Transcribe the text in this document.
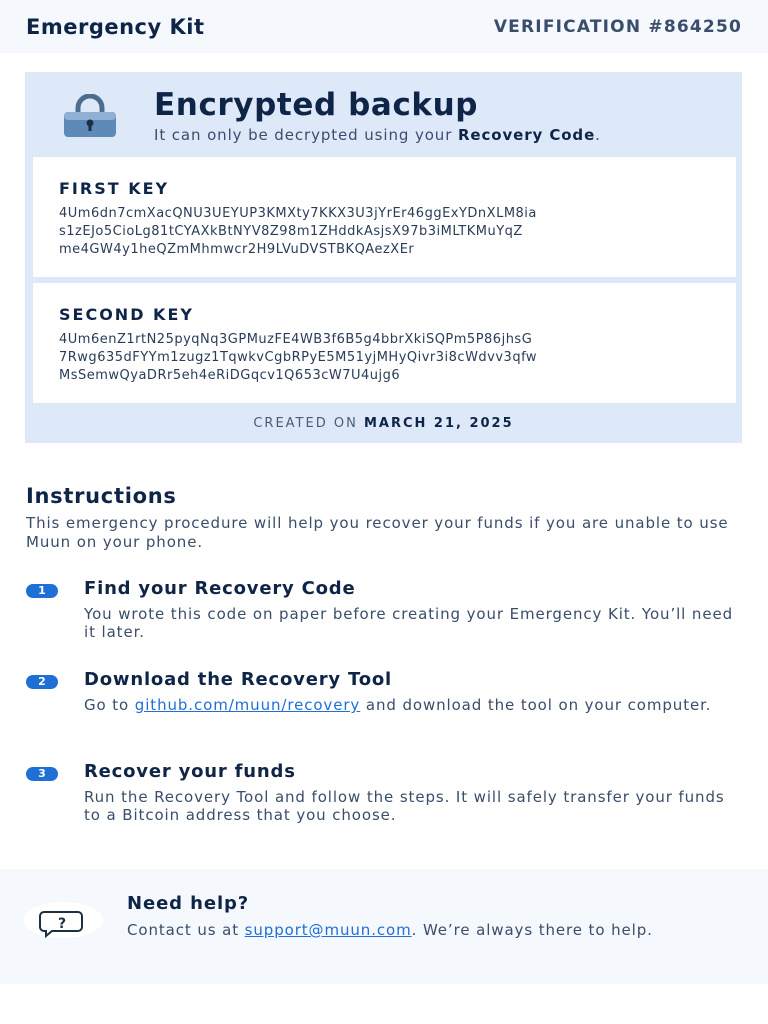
Emergency Kit	VERIFICATION #864250
Encrypted backup
It can only be decrypted using your Recovery Code.
FIRST KEY
4Um6dn7cmXacQNU3UEYUP3KMXty7KKX3U3jYrEr46ggExYDnXLM8ia
s1zEJo5CioLg81tCYAXkBtNYV8Z98m1ZHddkAsjsX97b3iMLTKMuYqZ
me4GW4y1heQZmMhmwcr2H9LVuDVSTBKQAezXEr
SECOND KEY
4Um6enZ1rtN25pyqNq3GPMuzFE4WB3f6B5g4bbrXkiSQPm5P86jhsG
7Rwg635dFYYm1zugz1TqwkvCgbRPyE5M51yjMHyQivr3i8cWdvv3qfw
MsSemwQyaDRr5eh4eRiDGqcv1Q653cW7U4ujg6
CREATED ON MARCH 21, 2025
Instructions
This emergency procedure will help you recover your funds if you are unable to use Muun on your phone.
1	Find your Recovery Code
You wrote this code on paper before creating your Emergency Kit. You’ll need it later.
2	Download the Recovery Tool
Go to github.com/muun/recovery and download the tool on your computer.
3	Recover your funds
Run the Recovery Tool and follow the steps. It will safely transfer your funds to a Bitcoin address that you choose.
?
Need help?
Contact us at support@muun.com. We’re always there to help.
